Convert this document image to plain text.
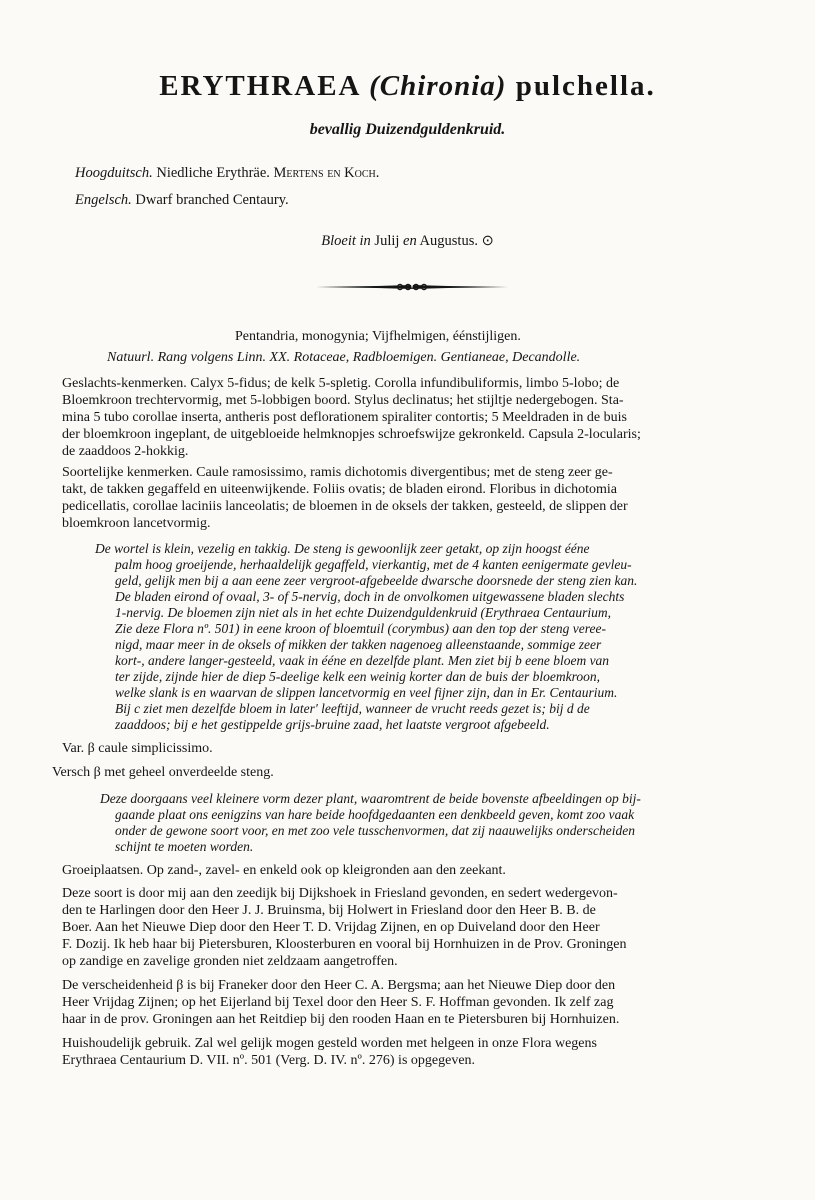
ERYTHRAEA (Chironia) pulchella.
bevallig Duizendguldenkruid.
Hoogduitsch. Niedliche Erythräe. Mertens en Koch.
Engelsch. Dwarf branched Centaury.
Bloeit in Julij en Augustus. ⊙
Pentandria, monogynia; Vijfhelmigen, éénstijligen.
Natuurl. Rang volgens Linn. XX. Rotaceae, Radbloemigen. Gentianeae, Decandolle.
Geslachts-kenmerken. Calyx 5-fidus; de kelk 5-spletig. Corolla infundibuliformis, limbo 5-lobo; de
Bloemkroon trechtervormig, met 5-lobbigen boord. Stylus declinatus; het stijltje nedergebogen. Sta-
mina 5 tubo corollae inserta, antheris post deflorationem spiraliter contortis; 5 Meeldraden in de buis
der bloemkroon ingeplant, de uitgebloeide helmknopjes schroefswijze gekronkeld. Capsula 2-locularis;
de zaaddoos 2-hokkig.
Soortelijke kenmerken. Caule ramosissimo, ramis dichotomis divergentibus; met de steng zeer ge-
takt, de takken gegaffeld en uiteenwijkende. Foliis ovatis; de bladen eirond. Floribus in dichotomia
pedicellatis, corollae laciniis lanceolatis; de bloemen in de oksels der takken, gesteeld, de slippen der
bloemkroon lancetvormig.
De wortel is klein, vezelig en takkig. De steng is gewoonlijk zeer getakt, op zijn hoogst ééne
palm hoog groeijende, herhaaldelijk gegaffeld, vierkantig, met de 4 kanten eenigermate gevleu-
geld, gelijk men bij a aan eene zeer vergroot-afgebeelde dwarsche doorsnede der steng zien kan.
De bladen eirond of ovaal, 3- of 5-nervig, doch in de onvolkomen uitgewassene bladen slechts
1-nervig. De bloemen zijn niet als in het echte Duizendguldenkruid (Erythraea Centaurium,
Zie deze Flora nº. 501) in eene kroon of bloemtuil (corymbus) aan den top der steng veree-
nigd, maar meer in de oksels of mikken der takken nagenoeg alleenstaande, sommige zeer
kort-, andere langer-gesteeld, vaak in ééne en dezelfde plant. Men ziet bij b eene bloem van
ter zijde, zijnde hier de diep 5-deelige kelk een weinig korter dan de buis der bloemkroon,
welke slank is en waarvan de slippen lancetvormig en veel fijner zijn, dan in Er. Centaurium.
Bij c ziet men dezelfde bloem in later' leeftijd, wanneer de vrucht reeds gezet is; bij d de
zaaddoos; bij e het gestippelde grijs-bruine zaad, het laatste vergroot afgebeeld.
Var. β caule simplicissimo.
Versch β met geheel onverdeelde steng.
Deze doorgaans veel kleinere vorm dezer plant, waaromtrent de beide bovenste afbeeldingen op bij-
gaande plaat ons eenigzins van hare beide hoofdgedaanten een denkbeeld geven, komt zoo vaak
onder de gewone soort voor, en met zoo vele tusschenvormen, dat zij naauwelijks onderscheiden
schijnt te moeten worden.
Groeiplaatsen. Op zand-, zavel- en enkeld ook op kleigronden aan den zeekant.
Deze soort is door mij aan den zeedijk bij Dijkshoek in Friesland gevonden, en sedert wedergevon-
den te Harlingen door den Heer J. J. Bruinsma, bij Holwert in Friesland door den Heer B. B. de
Boer. Aan het Nieuwe Diep door den Heer T. D. Vrijdag Zijnen, en op Duiveland door den Heer
F. Dozij. Ik heb haar bij Pietersburen, Kloosterburen en vooral bij Hornhuizen in de Prov. Groningen
op zandige en zavelige gronden niet zeldzaam aangetroffen.
De verscheidenheid β is bij Franeker door den Heer C. A. Bergsma; aan het Nieuwe Diep door den
Heer Vrijdag Zijnen; op het Eijerland bij Texel door den Heer S. F. Hoffman gevonden. Ik zelf zag
haar in de prov. Groningen aan het Reitdiep bij den rooden Haan en te Pietersburen bij Hornhuizen.
Huishoudelijk gebruik. Zal wel gelijk mogen gesteld worden met helgeen in onze Flora wegens
Erythraea Centaurium D. VII. nº. 501 (Verg. D. IV. nº. 276) is opgegeven.
